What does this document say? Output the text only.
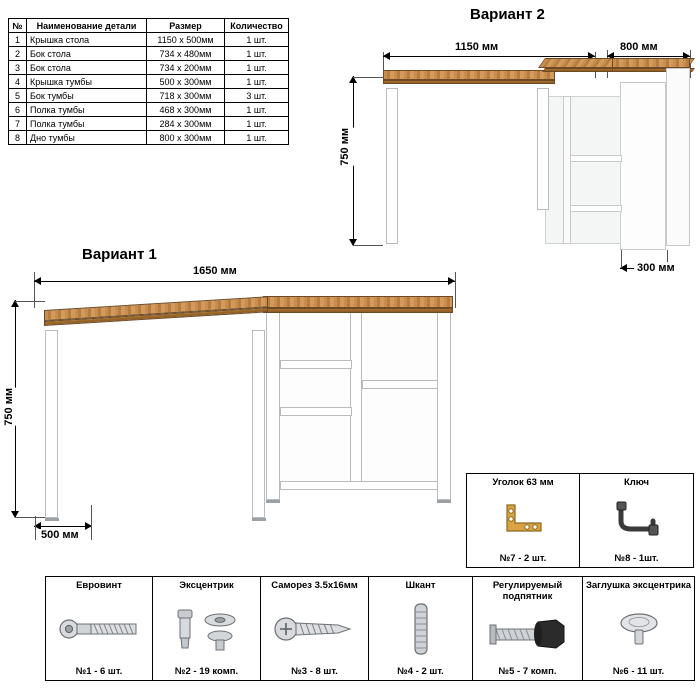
№	Наименование детали	Размер	Количество
1	Крышка стола	1150 х 500мм	1 шт.
2	Бок стола	734 х 480мм	1 шт.
3	Бок стола	734 х 200мм	1 шт.
4	Крышка тумбы	500 х 300мм	1 шт.
5	Бок тумбы	718 х 300мм	3 шт.
6	Полка тумбы	468 х 300мм	1 шт.
7	Полка тумбы	284 х 300мм	1 шт.
8	Дно тумбы	800 х 300мм	1 шт.
Вариант 2
1150 мм	800 мм
750 мм
300 мм
Вариант 1
1650 мм
750 мм
500 мм
Уголок 63 мм
№7 - 2 шт.
Ключ
№8 - 1шт.
Еврoвинт
№1 - 6 шт.
Эксцентрик
№2 - 19 комп.
Саморез 3.5х16мм
№3 - 8 шт.
Шкант
№4 - 2 шт.
Регулируемый подпятник
№5 - 7 комп.
Заглушка эксцентрика
№6 - 11 шт.
